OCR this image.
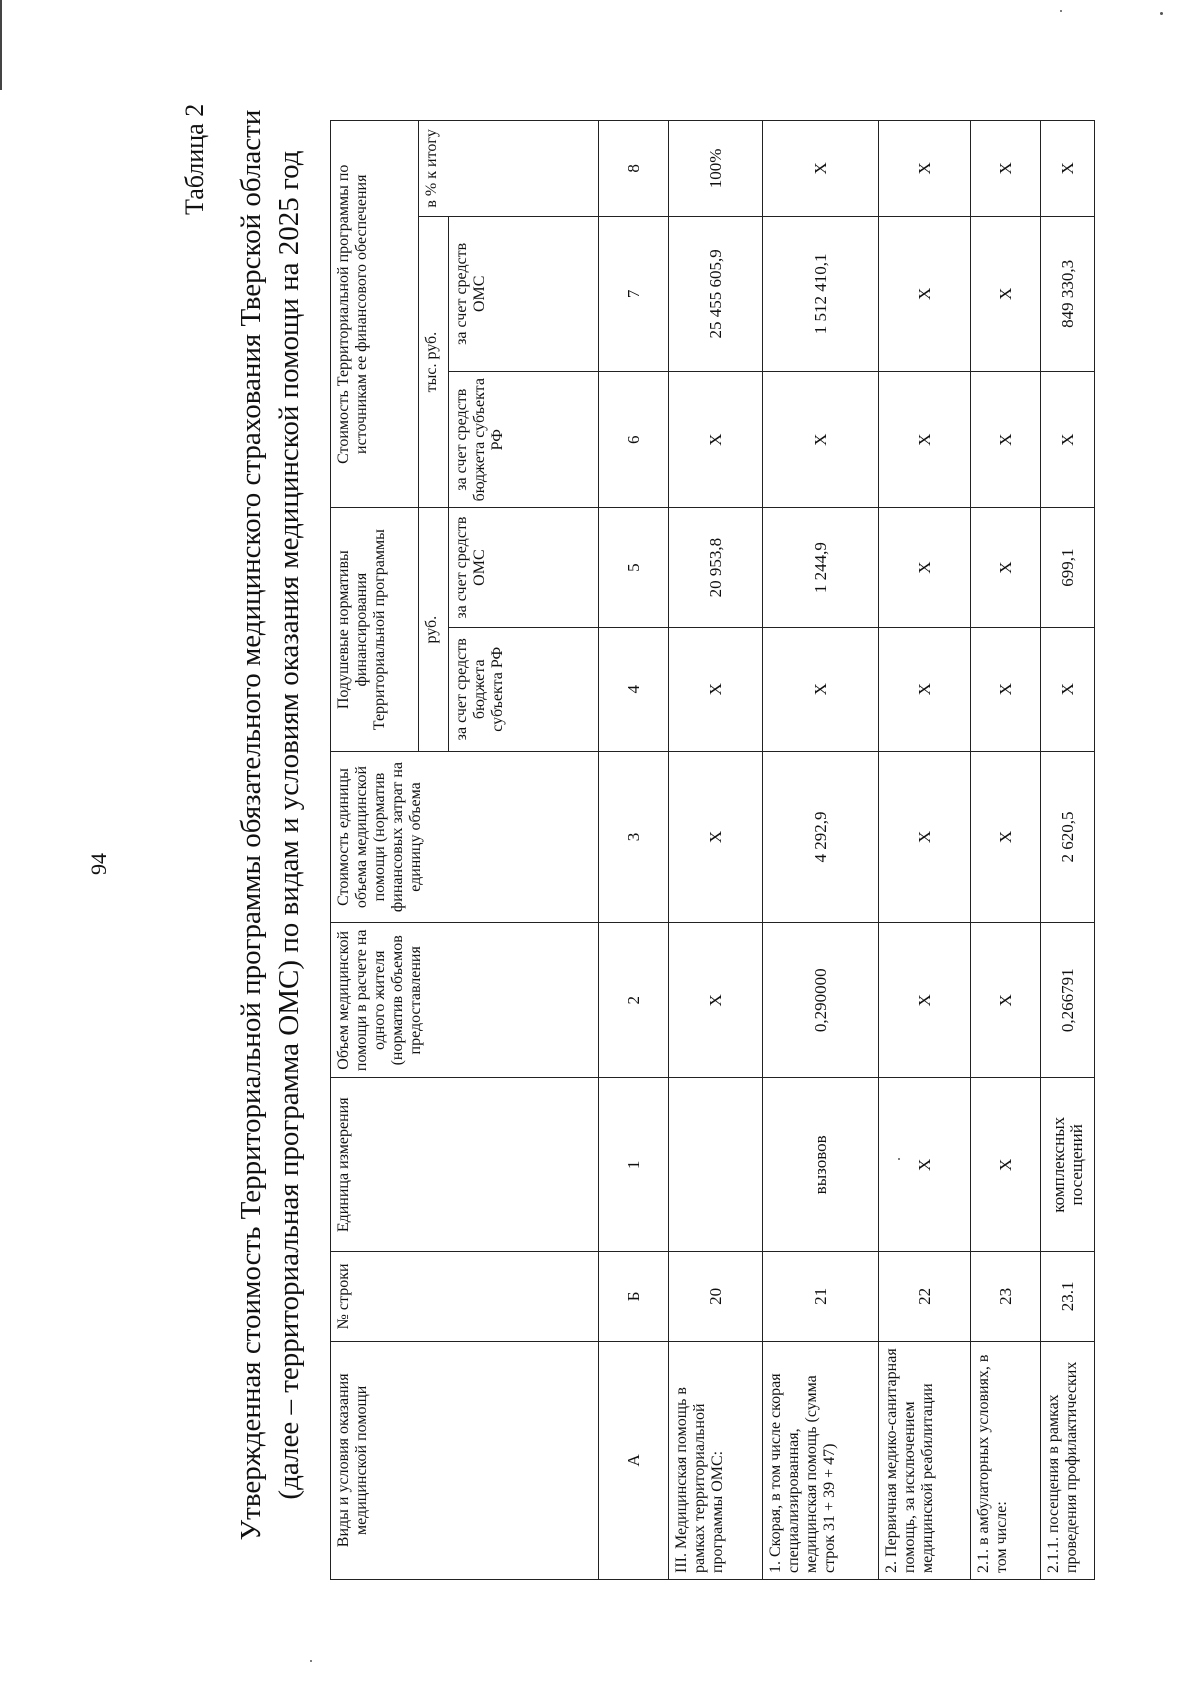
94
Таблица 2 Утвержденная стоимость Территориальной программы обязательного медицинского страхования Тверской области (далее – территориальная программа ОМС) по видам и условиям оказания медицинской помощи на 2025 год Виды и условия оказания медицинской помощи	№ строки	Единица измерения	Объем медицинской помощи в расчете на одного жителя (норматив объемов предоставления	Стоимость единицы объема медицинской помощи (норматив финансовых затрат на единицу объема	Подушевые нормативы финансирования Территориальной программы		Стоимость Территориальной программы по источникам ее финансового обеспечения		
					руб.		тыс. руб.		в % к итогу
					за счет средств бюджета субъекта РФ	за счет средств ОМС	за счет средств бюджета субъекта РФ	за счет средств ОМС	
А	Б	1	2	3	4	5	6	7	8
III. Медицинская помощь в рамках территориальной программы ОМС:	20		Х	Х	Х	20 953,8	Х	25 455 605,9	100%
1. Скорая, в том числе скорая специализированная, медицинская помощь (сумма строк 31 + 39 + 47)	21	вызовов	0,290000	4 292,9	Х	1 244,9	Х	1 512 410,1	Х
2. Первичная медико-санитарная помощь, за исключением медицинской реабилитации	22	Х	Х	Х	Х	Х	Х	Х	Х
2.1. в амбулаторных условиях, в том числе:	23	Х	Х	Х	Х	Х	Х	Х	Х
2.1.1. посещения в рамках проведения профилактических	23.1	комплексных посещений	0,266791	2 620,5	Х	699,1	Х	849 330,3	Х
